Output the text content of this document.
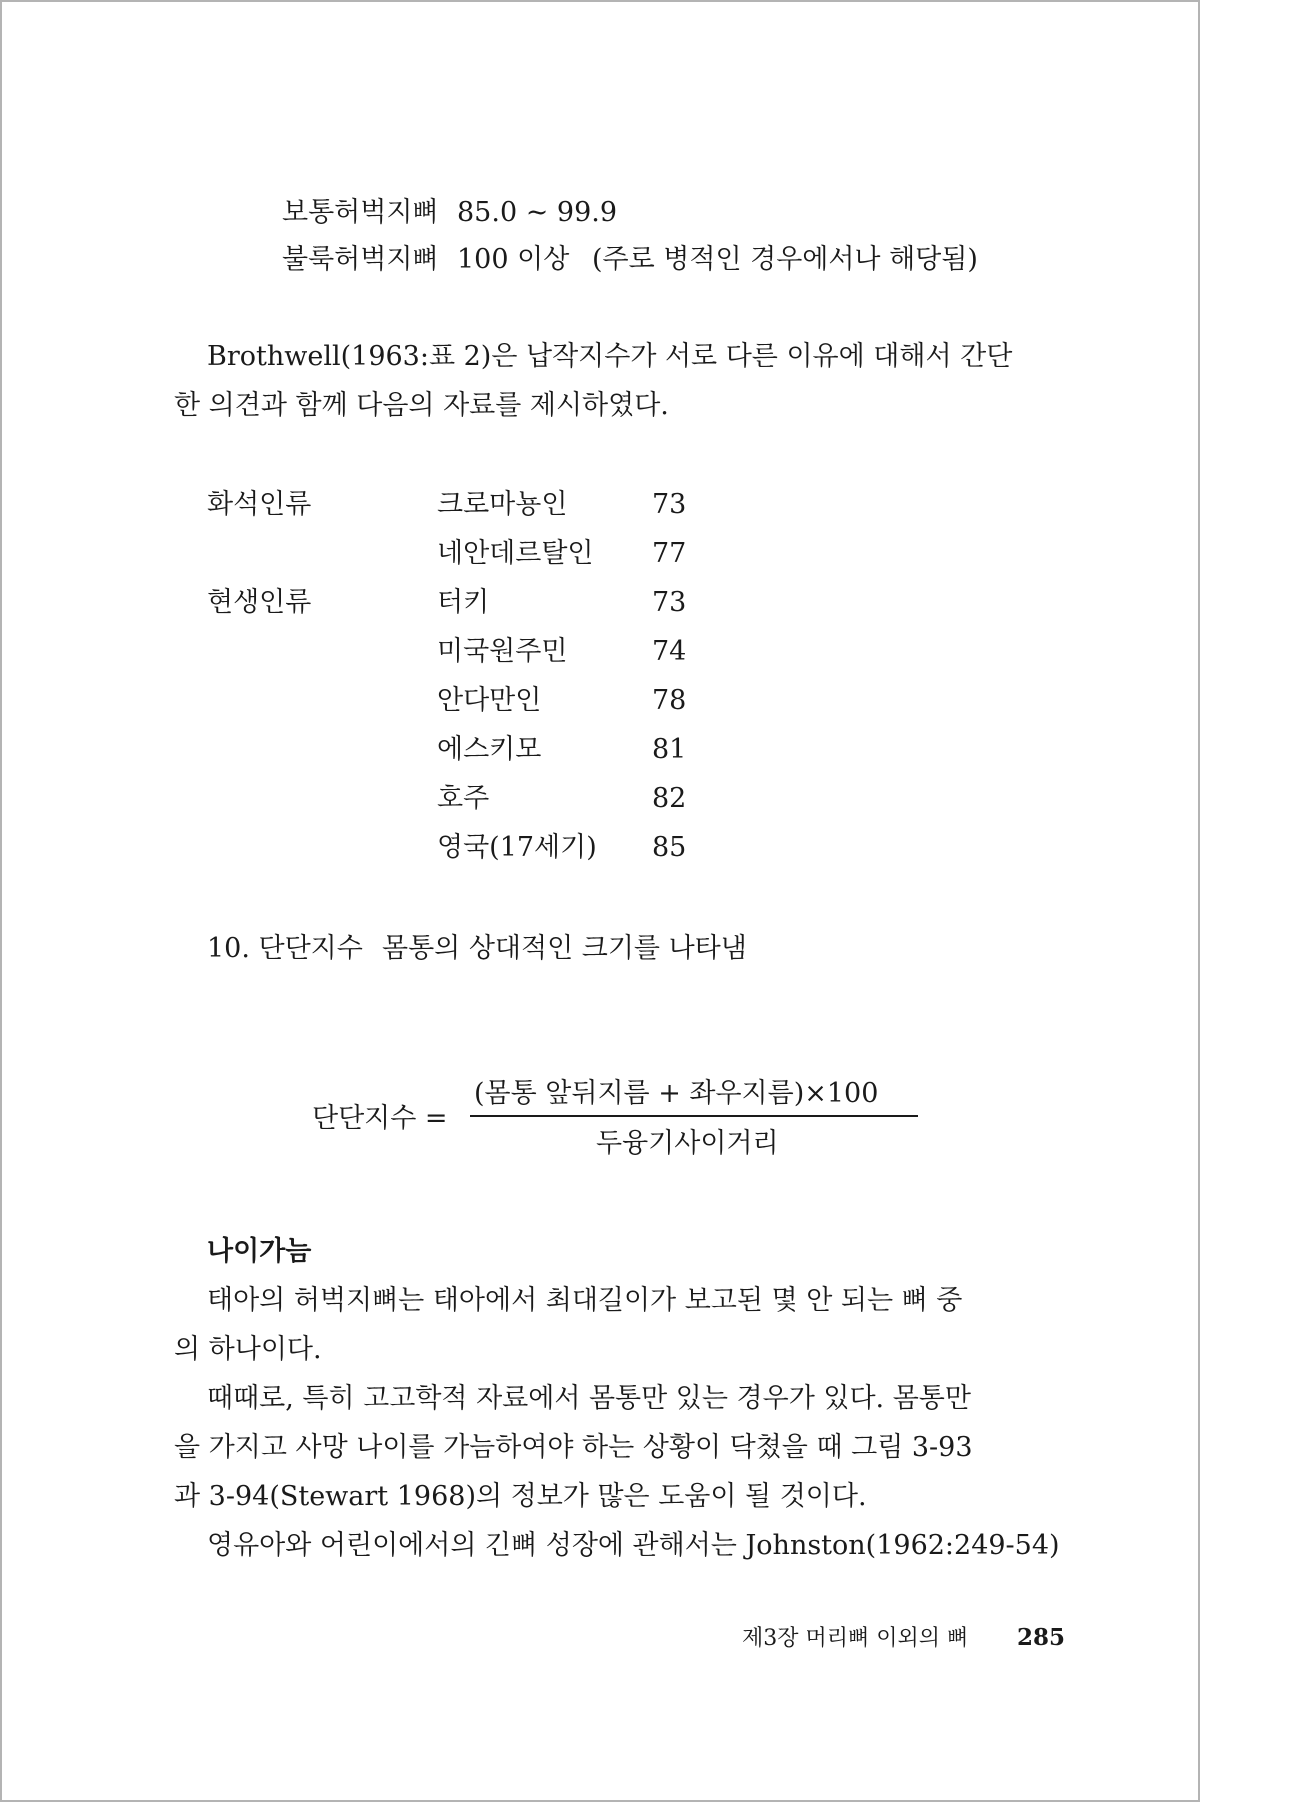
보통허벅지뼈 85.0 ~ 99.9
불룩허벅지뼈 100 이상 (주로 병적인 경우에서나 해당됨)
Brothwell(1963:표 2)은 납작지수가 서로 다른 이유에 대해서 간단
한 의견과 함께 다음의 자료를 제시하였다.
화석인류	크로마뇽인	73
네안데르탈인 77
현생인류	터키	73
미국원주민	74
안다만인	78
에스키모	81
호주	82
영국(17세기) 85
10. 단단지수 몸통의 상대적인 크기를 나타냄
단단지수 =
(몸통 앞뒤지름 + 좌우지름)×100
두융기사이거리
나이가늠
태아의 허벅지뼈는 태아에서 최대길이가 보고된 몇 안 되는 뼈 중
의 하나이다.
때때로, 특히 고고학적 자료에서 몸통만 있는 경우가 있다. 몸통만
을 가지고 사망 나이를 가늠하여야 하는 상황이 닥쳤을 때 그림 3-93
과 3-94(Stewart 1968)의 정보가 많은 도움이 될 것이다.
영유아와 어린이에서의 긴뼈 성장에 관해서는 Johnston(1962:249-54)
제3장 머리뼈 이외의 뼈 285
